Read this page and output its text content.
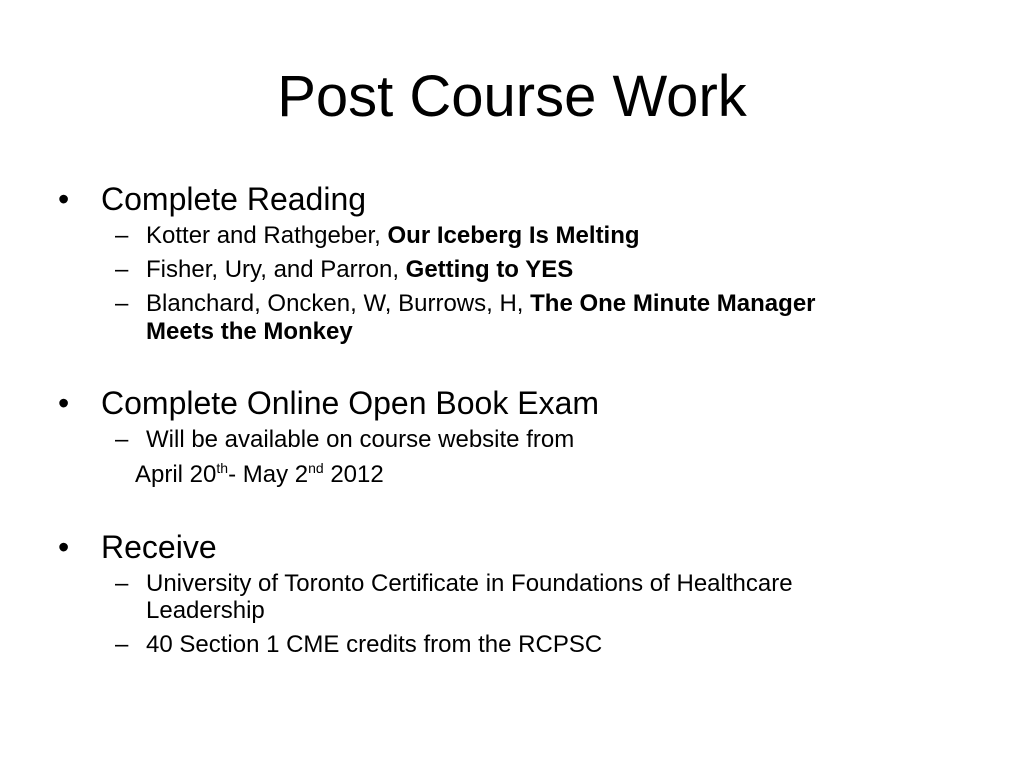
Post Course Work
• Complete Reading
– Kotter and Rathgeber, Our Iceberg Is Melting
– Fisher, Ury, and Parron, Getting to YES
– Blanchard, Oncken, W, Burrows, H, The One Minute Manager
Meets the Monkey
• Complete Online Open Book Exam
– Will be available on course website from
April 20th- May 2nd 2012
• Receive
– University of Toronto Certificate in Foundations of Healthcare
Leadership
– 40 Section 1 CME credits from the RCPSC
